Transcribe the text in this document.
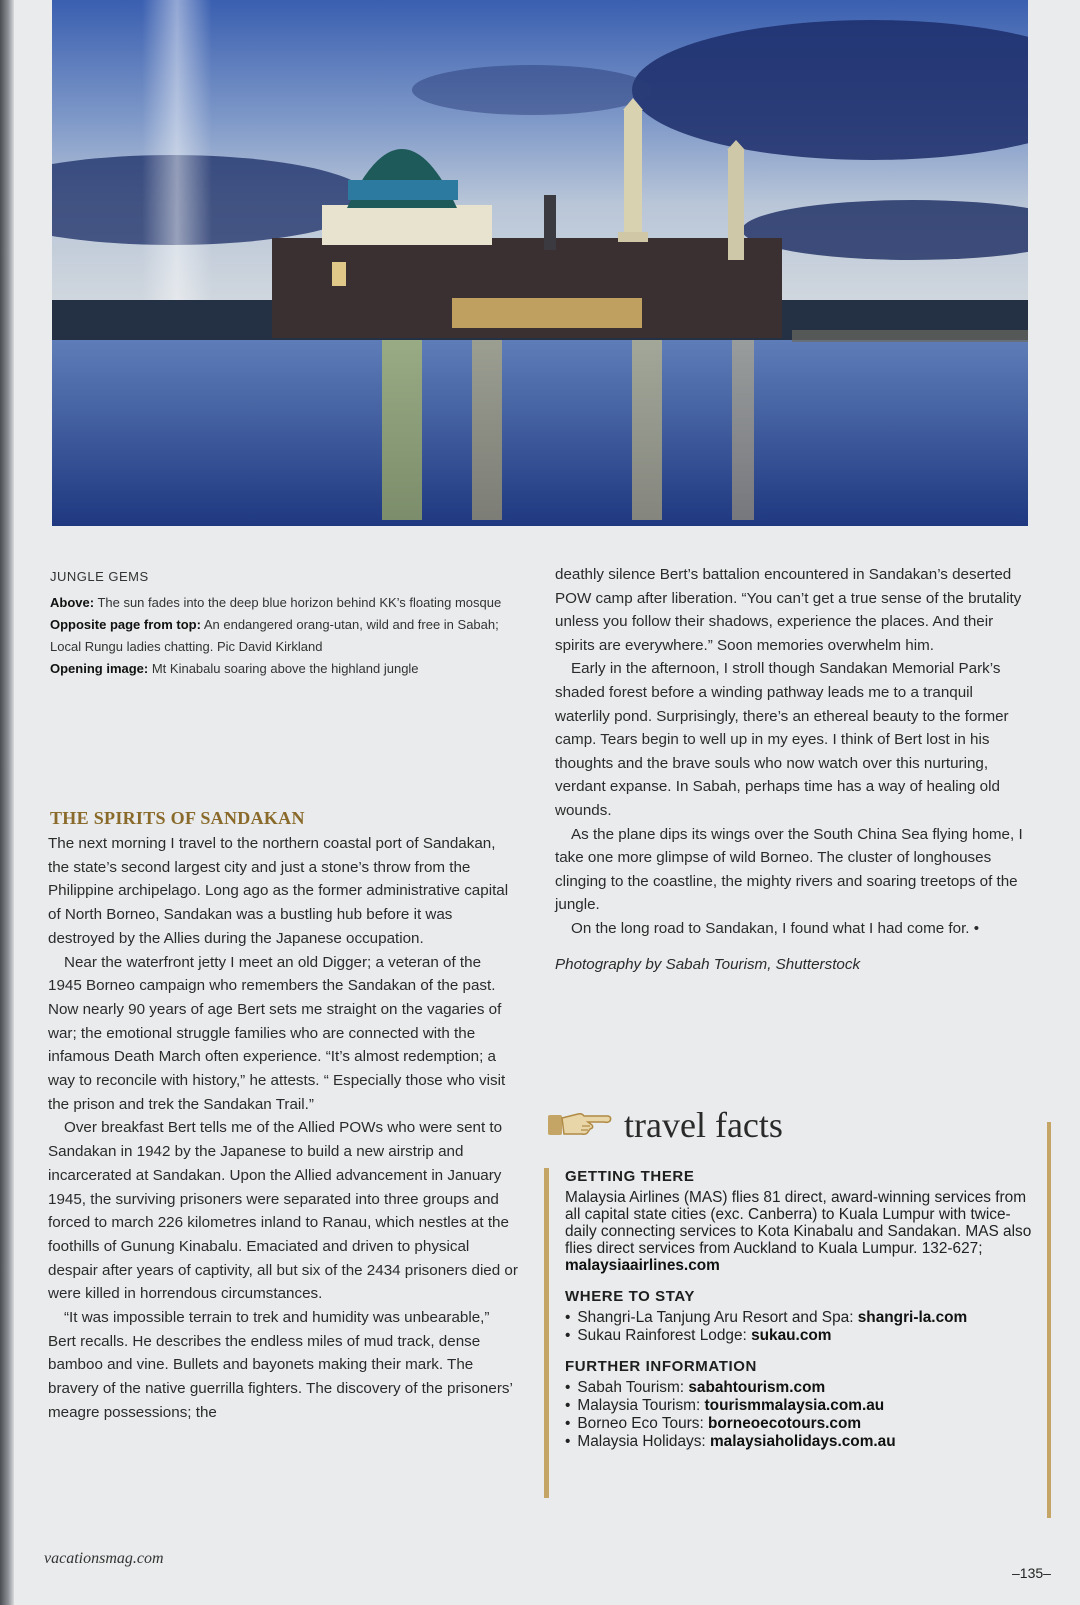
JUNGLE GEMS
Above: The sun fades into the deep blue horizon behind KK’s floating mosque
Opposite page from top: An endangered orang-utan, wild and free in Sabah; Local Rungu ladies chatting. Pic David Kirkland
Opening image: Mt Kinabalu soaring above the highland jungle
THE SPIRITS OF SANDAKAN

The next morning I travel to the northern coastal port of Sandakan, the state’s second largest city and just a stone’s throw from the Philippine archipelago. Long ago as the former administrative capital of North Borneo, Sandakan was a bustling hub before it was destroyed by the Allies during the Japanese occupation.

Near the waterfront jetty I meet an old Digger; a veteran of the 1945 Borneo campaign who remembers the Sandakan of the past. Now nearly 90 years of age Bert sets me straight on the vagaries of war; the emotional struggle families who are connected with the infamous Death March often experience. “It’s almost redemption; a way to reconcile with history,” he attests. “ Especially those who visit the prison and trek the Sandakan Trail.”

Over breakfast Bert tells me of the Allied POWs who were sent to Sandakan in 1942 by the Japanese to build a new airstrip and incarcerated at Sandakan. Upon the Allied advancement in January 1945, the surviving prisoners were separated into three groups and forced to march 226 kilometres inland to Ranau, which nestles at the foothills of Gunung Kinabalu. Emaciated and driven to physical despair after years of captivity, all but six of the 2434 prisoners died or were killed in horrendous circumstances.

“It was impossible terrain to trek and humidity was unbearable,” Bert recalls. He describes the endless miles of mud track, dense bamboo and vine. Bullets and bayonets making their mark. The bravery of the native guerrilla fighters. The discovery of the prisoners’ meagre possessions; the

deathly silence Bert’s battalion encountered in Sandakan’s deserted POW camp after liberation. “You can’t get a true sense of the brutality unless you follow their shadows, experience the places. And their spirits are everywhere.” Soon memories overwhelm him.

Early in the afternoon, I stroll though Sandakan Memorial Park’s shaded forest before a winding pathway leads me to a tranquil waterlily pond. Surprisingly, there’s an ethereal beauty to the former camp. Tears begin to well up in my eyes. I think of Bert lost in his thoughts and the brave souls who now watch over this nurturing, verdant expanse. In Sabah, perhaps time has a way of healing old wounds.

As the plane dips its wings over the South China Sea flying home, I take one more glimpse of wild Borneo. The cluster of longhouses clinging to the coastline, the mighty rivers and soaring treetops of the jungle.

On the long road to Sandakan, I found what I had come for. •

Photography by Sabah Tourism, Shutterstock

travel facts
GETTING THERE
Malaysia Airlines (MAS) flies 81 direct, award-winning services from all capital state cities (exc. Canberra) to Kuala Lumpur with twice-daily connecting services to Kota Kinabalu and Sandakan. MAS also flies direct services from Auckland to Kuala Lumpur. 132-627; malaysiaairlines.com
WHERE TO STAY
• Shangri-La Tanjung Aru Resort and Spa: shangri-la.com
• Sukau Rainforest Lodge: sukau.com
FURTHER INFORMATION
• Sabah Tourism: sabahtourism.com
• Malaysia Tourism: tourismmalaysia.com.au
• Borneo Eco Tours: borneoecotours.com
• Malaysia Holidays: malaysiaholidays.com.au
vacationsmag.com
–135–
